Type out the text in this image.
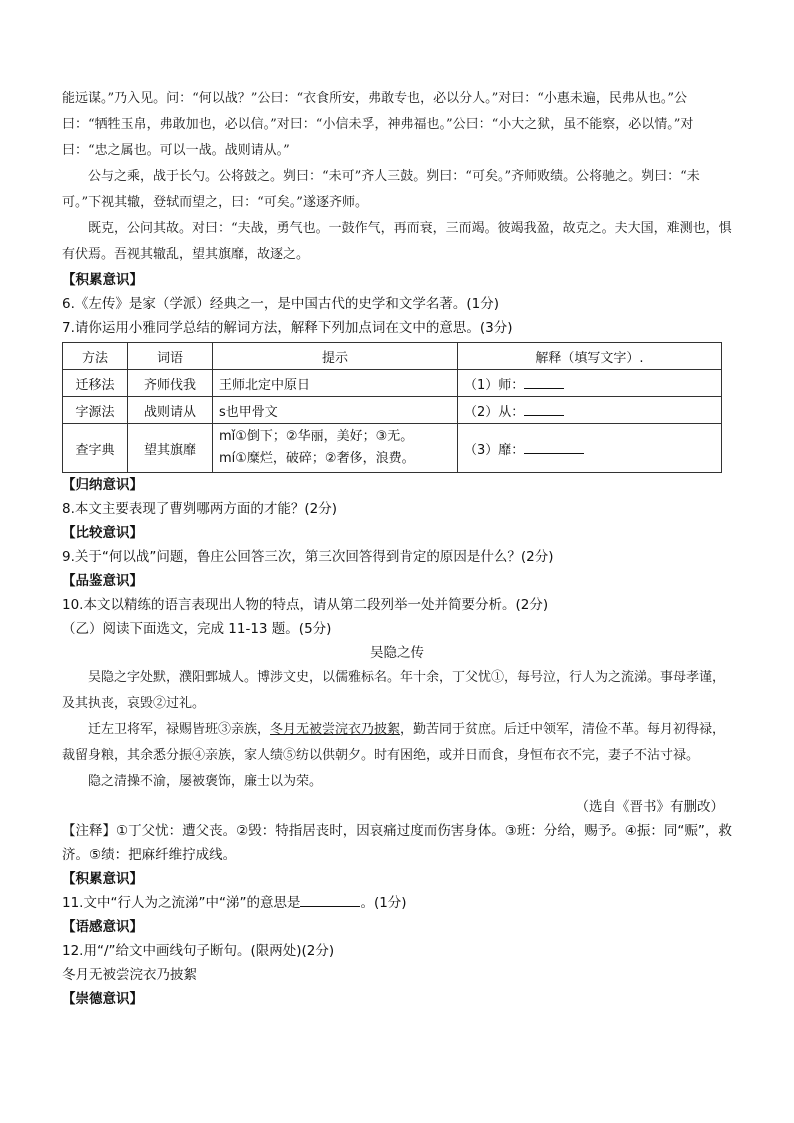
能远谋。”乃入见。问：“何以战？”公曰：“衣食所安，弗敢专也，必以分人。”对曰：“小惠未遍，民弗从也。”公曰：“牺牲玉帛，弗敢加也，必以信。”对曰：“小信未孚，神弗福也。”公曰：“小大之狱，虽不能察，必以情。”对曰：“忠之属也。可以一战。战则请从。”

公与之乘，战于长勺。公将鼓之。刿曰：“未可”齐人三鼓。刿曰：“可矣。”齐师败绩。公将驰之。刿曰：“未可。”下视其辙，登轼而望之，曰：“可矣。”遂逐齐师。

既克，公问其故。对曰：“夫战，勇气也。一鼓作气，再而衰，三而竭。彼竭我盈，故克之。夫大国，难测也，惧有伏焉。吾视其辙乱，望其旗靡，故逐之。

【积累意识】

6.《左传》是家（学派）经典之一，是中国古代的史学和文学名著。(1分)

7.请你运用小雅同学总结的解词方法，解释下列加点词在文中的意思。(3分)

方法	词语	提示	解释（填写文字）.
迁移法	齐师伐我	王师北定中原日	（1）师：
字源法	战则请从	s也甲骨文	（2）从：
查字典	望其旗靡	mǐ①倒下；②华丽，美好；③无。
mí①糜烂，破碎；②奢侈，浪费。	（3）靡：

【归纳意识】

8.本文主要表现了曹刿哪两方面的才能？(2分)

【比较意识】

9.关于“何以战”问题，鲁庄公回答三次，第三次回答得到肯定的原因是什么？(2分)

【品鉴意识】

10.本文以精练的语言表现出人物的特点，请从第二段列举一处并简要分析。(2分)

（乙）阅读下面选文，完成 11-13 题。(5分)

吴隐之传

吴隐之字处默，濮阳鄄城人。博涉文史，以儒雅标名。年十余，丁父忧①，每号泣，行人为之流涕。事母孝谨，及其执丧，哀毁②过礼。

迁左卫将军，禄赐皆班③亲族，冬月无被尝浣衣乃披絮，勤苦同于贫庶。后迁中领军，清俭不革。每月初得禄，裁留身粮，其余悉分振④亲族，家人绩⑤纺以供朝夕。时有困绝，或并日而食，身恒布衣不完，妻子不沾寸禄。

隐之清操不渝，屡被褒饰，廉士以为荣。

（选自《晋书》有删改）

【注释】①丁父忧：遭父丧。②毁：特指居丧时，因哀痛过度而伤害身体。③班：分给，赐予。④振：同“赈”，救济。⑤绩：把麻纤维拧成线。

【积累意识】

11.文中“行人为之流涕”中“涕”的意思是	。(1分)

【语感意识】

12.用“/”给文中画线句子断句。(限两处)(2分)

冬月无被尝浣衣乃披絮

【崇德意识】
